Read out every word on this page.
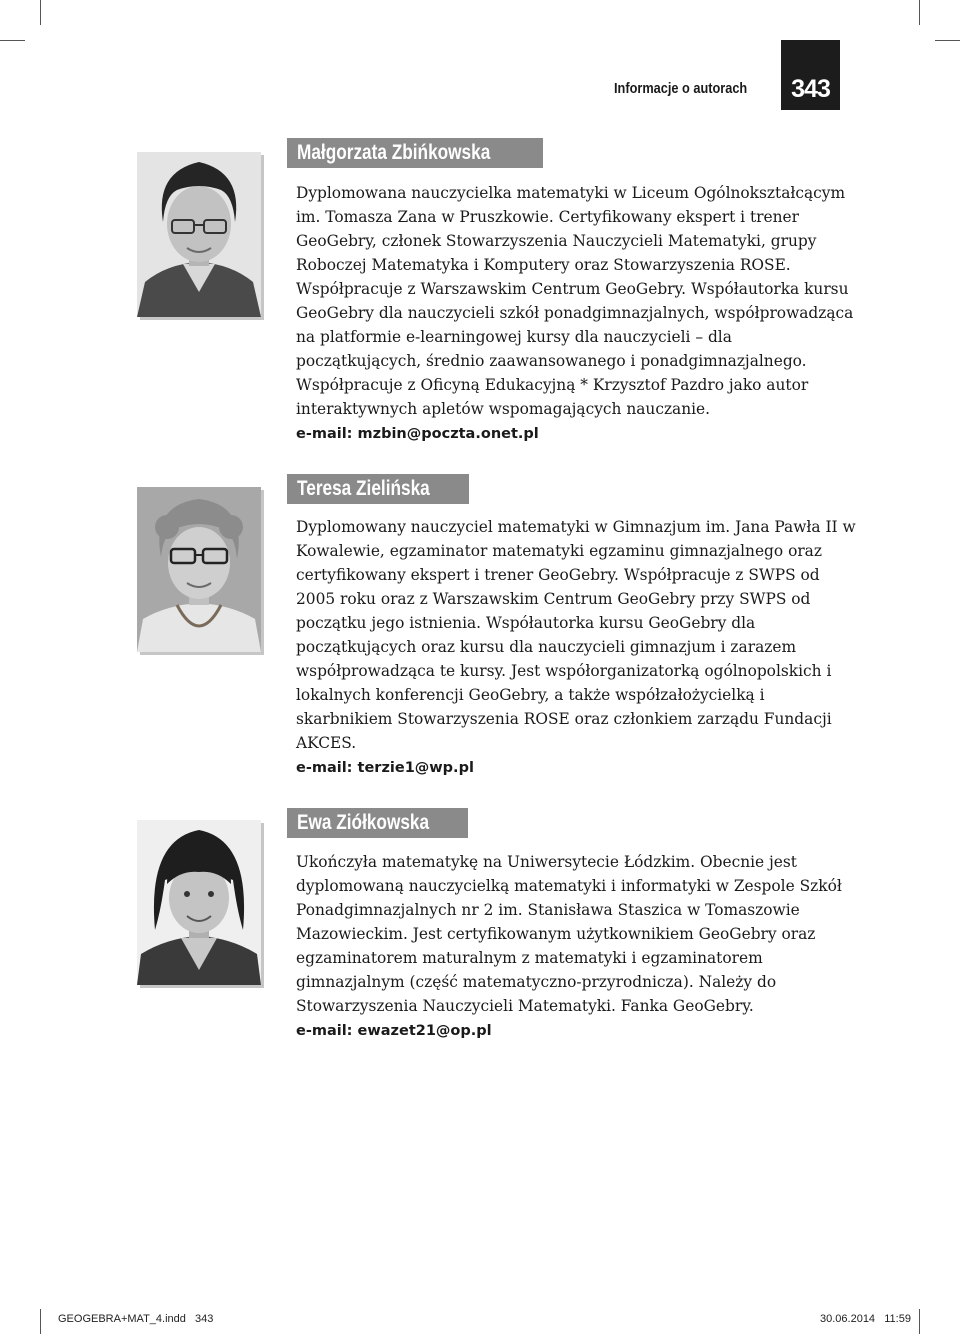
Informacje o autorach	343
Małgorzata Zbińkowska

Dyplomowana nauczycielka matematyki w Liceum Ogólnokształcącym im. Tomasza Zana w Pruszkowie. Certyfikowany ekspert i trener GeoGebry, członek Stowarzyszenia Nauczycieli Matematyki, grupy Roboczej Matematyka i Komputery oraz Stowarzyszenia ROSE. Współpracuje z Warszawskim Centrum GeoGebry. Współautorka kursu GeoGebry dla nauczycieli szkół ponadgimnazjalnych, współprowadząca na platformie e-learningowej kursy dla nauczycieli – dla początkujących, średnio zaawansowanego i ponadgimnazjalnego. Współpracuje z Oficyną Edukacyjną * Krzysztof Pazdro jako autor interaktywnych apletów wspomagających nauczanie.
e-mail: mzbin@poczta.onet.pl

Teresa Zielińska

Dyplomowany nauczyciel matematyki w Gimnazjum im. Jana Pawła II w Kowalewie, egzaminator matematyki egzaminu gimnazjalnego oraz certyfikowany ekspert i trener GeoGebry. Współpracuje z SWPS od 2005 roku oraz z Warszawskim Centrum GeoGebry przy SWPS od początku jego istnienia. Współautorka kursu GeoGebry dla początkujących oraz kursu dla nauczycieli gimnazjum i zarazem współprowadząca te kursy. Jest współorganizatorką ogólnopolskich i lokalnych konferencji GeoGebry, a także współzałożycielką i skarbnikiem Stowarzyszenia ROSE oraz członkiem zarządu Fundacji AKCES.
e-mail: terzie1@wp.pl

Ewa Ziółkowska

Ukończyła matematykę na Uniwersytecie Łódzkim. Obecnie jest dyplomowaną nauczycielką matematyki i informatyki w Zespole Szkół Ponadgimnazjalnych nr 2 im. Stanisława Staszica w Tomaszowie Mazowieckim. Jest certyfikowanym użytkownikiem GeoGebry oraz egzaminatorem maturalnym z matematyki i egzaminatorem gimnazjalnym (część matematyczno-przyrodnicza). Należy do Stowarzyszenia Nauczycieli Matematyki. Fanka GeoGebry.
e-mail: ewazet21@op.pl

GEOGEBRA+MAT_4.indd   343	30.06.2014   11:59
